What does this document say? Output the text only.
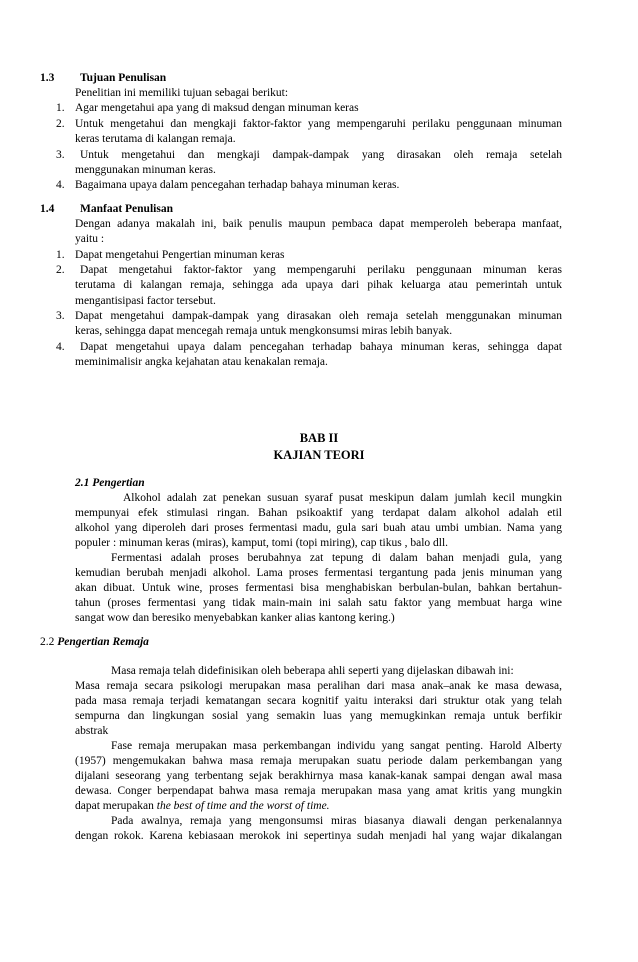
1.3 Tujuan Penulisan
Penelitian ini memiliki tujuan sebagai berikut:
1. Agar mengetahui apa yang di maksud dengan minuman keras
2. Untuk mengetahui dan mengkaji faktor-faktor yang mempengaruhi perilaku penggunaan minuman
keras terutama di kalangan remaja.
3. Untuk mengetahui dan mengkaji dampak-dampak yang dirasakan oleh remaja setelah
menggunakan minuman keras.
4. Bagaimana upaya dalam pencegahan terhadap bahaya minuman keras.
1.4 Manfaat Penulisan
Dengan adanya makalah ini, baik penulis maupun pembaca dapat memperoleh beberapa manfaat,
yaitu :
1. Dapat mengetahui Pengertian minuman keras
2. Dapat mengetahui faktor-faktor yang mempengaruhi perilaku penggunaan minuman keras
terutama di kalangan remaja, sehingga ada upaya dari pihak keluarga atau pemerintah untuk
mengantisipasi factor tersebut.
3. Dapat mengetahui dampak-dampak yang dirasakan oleh remaja setelah menggunakan minuman
keras, sehingga dapat mencegah remaja untuk mengkonsumsi miras lebih banyak.
4. Dapat mengetahui upaya dalam pencegahan terhadap bahaya minuman keras, sehingga dapat
meminimalisir angka kejahatan atau kenakalan remaja.
BAB II
KAJIAN TEORI
2.1 Pengertian
Alkohol adalah zat penekan susuan syaraf pusat meskipun dalam jumlah kecil mungkin
mempunyai efek stimulasi ringan. Bahan psikoaktif yang terdapat dalam alkohol adalah etil
alkohol yang diperoleh dari proses fermentasi madu, gula sari buah atau umbi umbian. Nama yang
populer : minuman keras (miras), kamput, tomi (topi miring), cap tikus , balo dll.
Fermentasi adalah proses berubahnya zat tepung di dalam bahan menjadi gula, yang
kemudian berubah menjadi alkohol. Lama proses fermentasi tergantung pada jenis minuman yang
akan dibuat. Untuk wine, proses fermentasi bisa menghabiskan berbulan-bulan, bahkan bertahun-
tahun (proses fermentasi yang tidak main-main ini salah satu faktor yang membuat harga wine
sangat wow dan beresiko menyebabkan kanker alias kantong kering.)
2.2 Pengertian Remaja
Masa remaja telah didefinisikan oleh beberapa ahli seperti yang dijelaskan dibawah ini:
Masa remaja secara psikologi merupakan masa peralihan dari masa anak–anak ke masa dewasa,
pada masa remaja terjadi kematangan secara kognitif yaitu interaksi dari struktur otak yang telah
sempurna dan lingkungan sosial yang semakin luas yang memugkinkan remaja untuk berfikir
abstrak
Fase remaja merupakan masa perkembangan individu yang sangat penting. Harold Alberty
(1957) mengemukakan bahwa masa remaja merupakan suatu periode dalam perkembangan yang
dijalani seseorang yang terbentang sejak berakhirnya masa kanak-kanak sampai dengan awal masa
dewasa. Conger berpendapat bahwa masa remaja merupakan masa yang amat kritis yang mungkin
dapat merupakan the best of time and the worst of time.
Pada awalnya, remaja yang mengonsumsi miras biasanya diawali dengan perkenalannya
dengan rokok. Karena kebiasaan merokok ini sepertinya sudah menjadi hal yang wajar dikalangan
